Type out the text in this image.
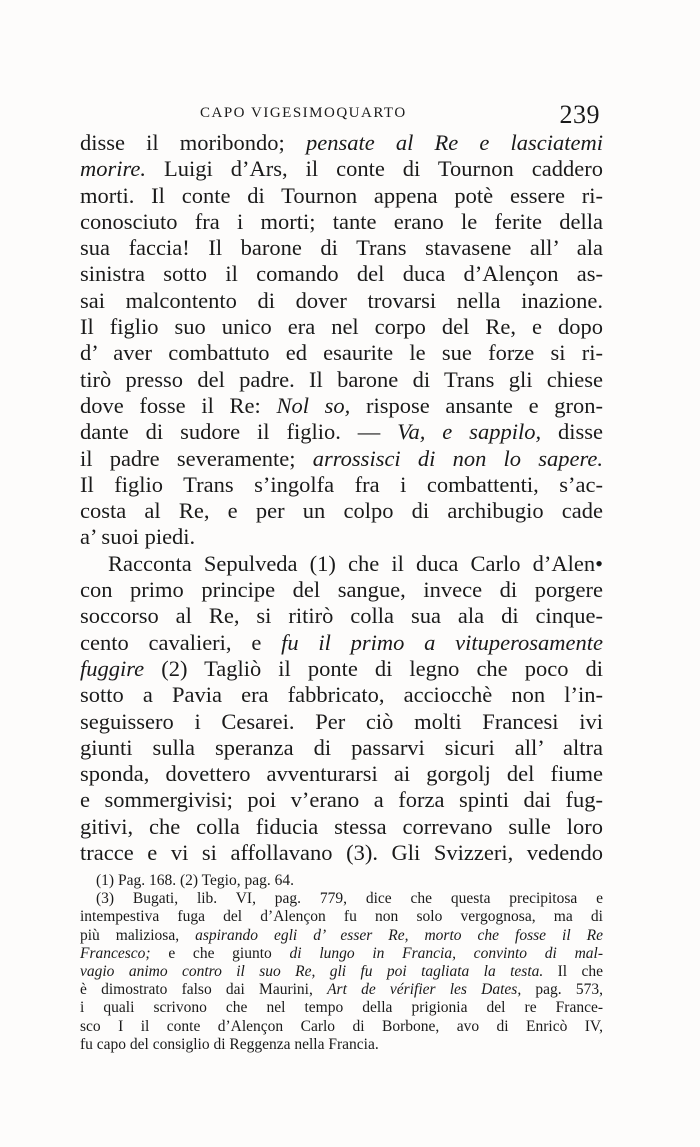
CAPO VIGESIMOQUARTO	239
disse il moribondo; pensate al Re e lasciatemi
morire. Luigi d’Ars, il conte di Tournon caddero
morti. Il conte di Tournon appena potè essere ri-
conosciuto fra i morti; tante erano le ferite della
sua faccia! Il barone di Trans stavasene all’ ala
sinistra sotto il comando del duca d’Alençon as-
sai malcontento di dover trovarsi nella inazione.
Il figlio suo unico era nel corpo del Re, e dopo
d’ aver combattuto ed esaurite le sue forze si ri-
tirò presso del padre. Il barone di Trans gli chiese
dove fosse il Re: Nol so, rispose ansante e gron-
dante di sudore il figlio. — Va, e sappilo, disse
il padre severamente; arrossisci di non lo sapere.
Il figlio Trans s’ingolfa fra i combattenti, s’ac-
costa al Re, e per un colpo di archibugio cade
a’ suoi piedi.
Racconta Sepulveda (1) che il duca Carlo d’Alen•
con primo principe del sangue, invece di porgere
soccorso al Re, si ritirò colla sua ala di cinque-
cento cavalieri, e fu il primo a vituperosamente
fuggire (2) Tagliò il ponte di legno che poco di
sotto a Pavia era fabbricato, acciocchè non l’in-
seguissero i Cesarei. Per ciò molti Francesi ivi
giunti sulla speranza di passarvi sicuri all’ altra
sponda, dovettero avventurarsi ai gorgolj del fiume
e sommergivisi; poi v’erano a forza spinti dai fug-
gitivi, che colla fiducia stessa correvano sulle loro
tracce e vi si affollavano (3). Gli Svizzeri, vedendo
(1) Pag. 168. (2) Tegio, pag. 64.
(3) Bugati, lib. VI, pag. 779, dice che questa precipitosa e
intempestiva fuga del d’Alençon fu non solo vergognosa, ma di
più maliziosa, aspirando egli d’ esser Re, morto che fosse il Re
Francesco; e che giunto di lungo in Francia, convinto di mal-
vagio animo contro il suo Re, gli fu poi tagliata la testa. Il che
è dimostrato falso dai Maurini, Art de vérifier les Dates, pag. 573,
i quali scrivono che nel tempo della prigionia del re France-
sco I il conte d’Alençon Carlo di Borbone, avo di Enricò IV,
fu capo del consiglio di Reggenza nella Francia.
